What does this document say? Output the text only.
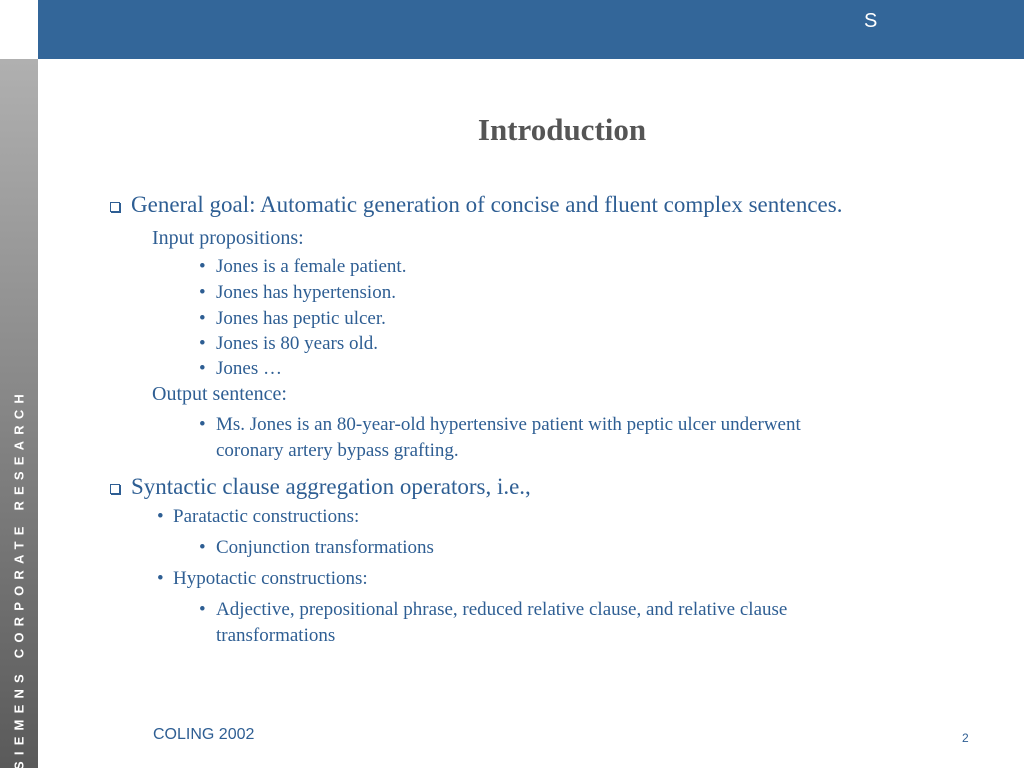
S
SIEMENS CORPORATE RESEARCH
Introduction
General goal: Automatic generation of concise and fluent complex sentences.
Input propositions:
• Jones is a female patient.
• Jones has hypertension.
• Jones has peptic ulcer.
• Jones is 80 years old.
• Jones …
Output sentence:
• Ms. Jones is an 80-year-old hypertensive patient with peptic ulcer underwent
coronary artery bypass grafting.
Syntactic clause aggregation operators, i.e.,
• Paratactic constructions:
• Conjunction transformations
• Hypotactic constructions:
• Adjective, prepositional phrase, reduced relative clause, and relative clause
transformations
COLING 2002	2
